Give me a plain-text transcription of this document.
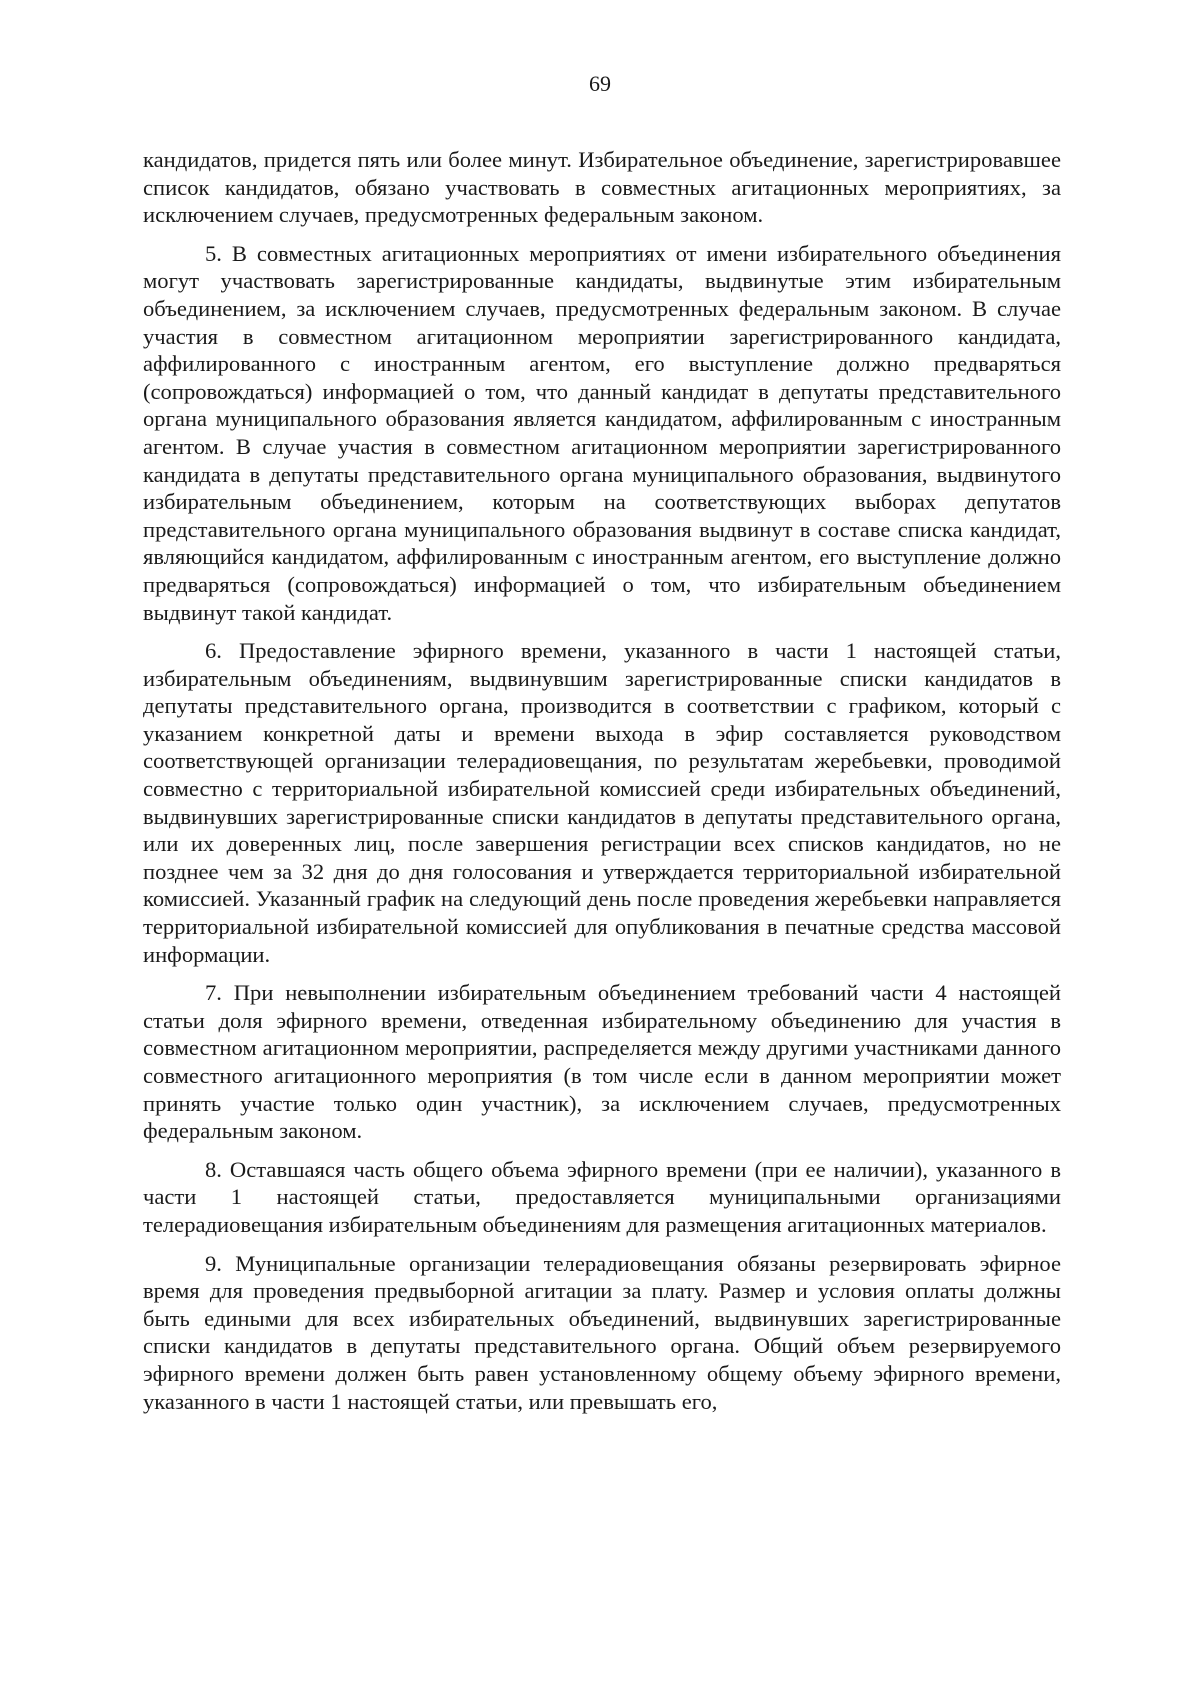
69

кандидатов, придется пять или более минут. Избирательное объединение, зарегистрировавшее список кандидатов, обязано участвовать в совместных агитационных мероприятиях, за исключением случаев, предусмотренных федеральным законом.

5. В совместных агитационных мероприятиях от имени избирательного объединения могут участвовать зарегистрированные кандидаты, выдвинутые этим избирательным объединением, за исключением случаев, предусмотренных федеральным законом. В случае участия в совместном агитационном мероприятии зарегистрированного кандидата, аффилированного с иностранным агентом, его выступление должно предваряться (сопровождаться) информацией о том, что данный кандидат в депутаты представительного органа муниципального образования является кандидатом, аффилированным с иностранным агентом. В случае участия в совместном агитационном мероприятии зарегистрированного кандидата в депутаты представительного органа муниципального образования, выдвинутого избирательным объединением, которым на соответствующих выборах депутатов представительного органа муниципального образования выдвинут в составе списка кандидат, являющийся кандидатом, аффилированным с иностранным агентом, его выступление должно предваряться (сопровождаться) информацией о том, что избирательным объединением выдвинут такой кандидат.

6. Предоставление эфирного времени, указанного в части 1 настоящей статьи, избирательным объединениям, выдвинувшим зарегистрированные списки кандидатов в депутаты представительного органа, производится в соответствии с графиком, который с указанием конкретной даты и времени выхода в эфир составляется руководством соответствующей организации телерадиовещания, по результатам жеребьевки, проводимой совместно с территориальной избирательной комиссией среди избирательных объединений, выдвинувших зарегистрированные списки кандидатов в депутаты представительного органа, или их доверенных лиц, после завершения регистрации всех списков кандидатов, но не позднее чем за 32 дня до дня голосования и утверждается территориальной избирательной комиссией. Указанный график на следующий день после проведения жеребьевки направляется территориальной избирательной комиссией для опубликования в печатные средства массовой информации.

7. При невыполнении избирательным объединением требований части 4 настоящей статьи доля эфирного времени, отведенная избирательному объединению для участия в совместном агитационном мероприятии, распределяется между другими участниками данного совместного агитационного мероприятия (в том числе если в данном мероприятии может принять участие только один участник), за исключением случаев, предусмотренных федеральным законом.

8. Оставшаяся часть общего объема эфирного времени (при ее наличии), указанного в части 1 настоящей статьи, предоставляется муниципальными организациями телерадиовещания избирательным объединениям для размещения агитационных материалов.

9. Муниципальные организации телерадиовещания обязаны резервировать эфирное время для проведения предвыборной агитации за плату. Размер и условия оплаты должны быть едиными для всех избирательных объединений, выдвинувших зарегистрированные списки кандидатов в депутаты представительного органа. Общий объем резервируемого эфирного времени должен быть равен установленному общему объему эфирного времени, указанного в части 1 настоящей статьи, или превышать его,
